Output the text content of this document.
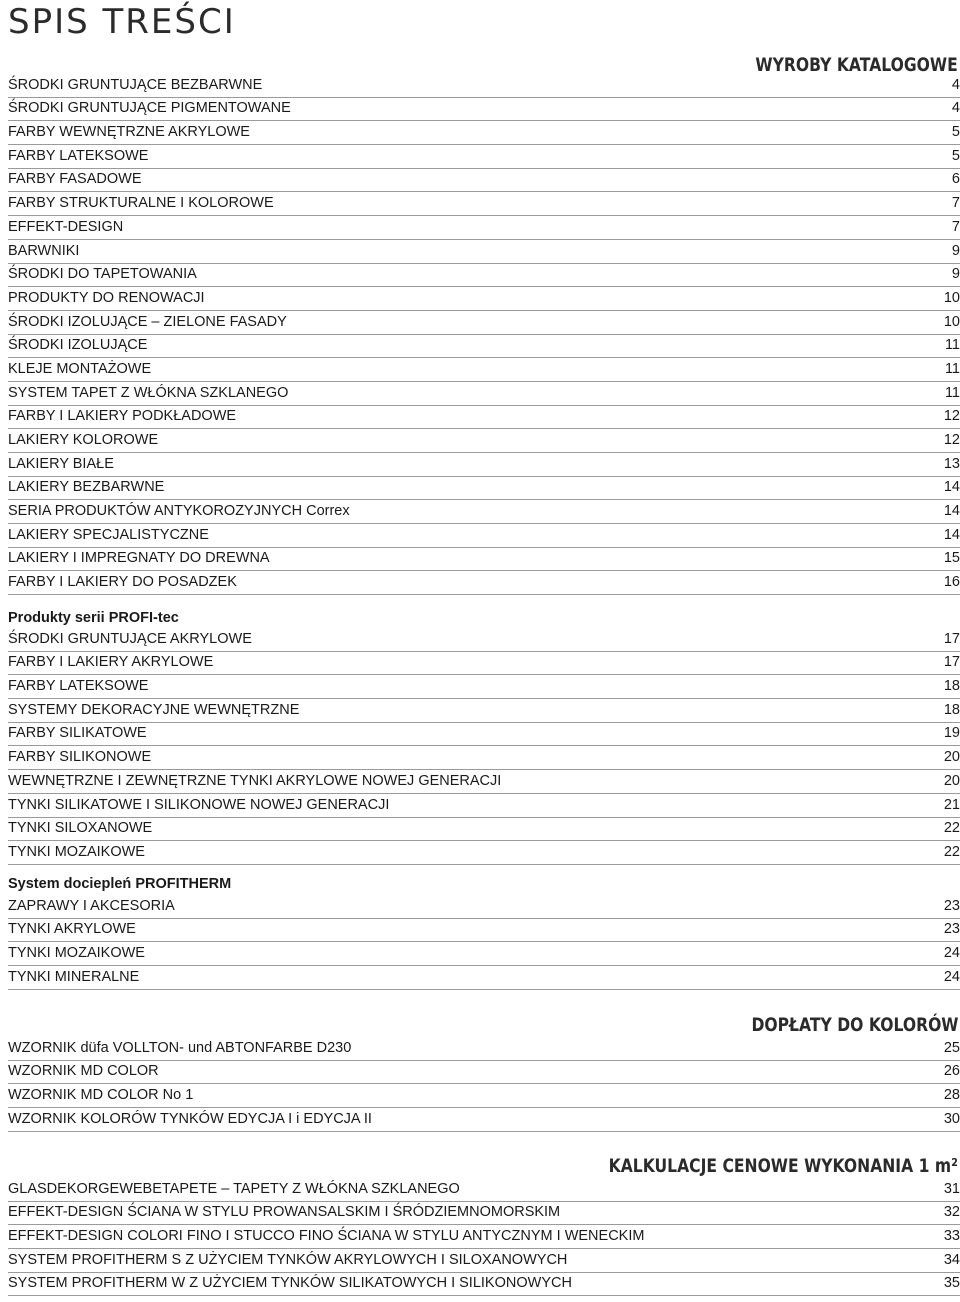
SPIS TREŚCI
WYROBY KATALOGOWE
ŚRODKI GRUNTUJĄCE BEZBARWNE	4
ŚRODKI GRUNTUJĄCE PIGMENTOWANE	4
FARBY WEWNĘTRZNE AKRYLOWE	5
FARBY LATEKSOWE	5
FARBY FASADOWE	6
FARBY STRUKTURALNE I KOLOROWE	7
EFFEKT-DESIGN	7
BARWNIKI	9
ŚRODKI DO TAPETOWANIA	9
PRODUKTY DO RENOWACJI	10
ŚRODKI IZOLUJĄCE – ZIELONE FASADY	10
ŚRODKI IZOLUJĄCE	11
KLEJE MONTAŻOWE	11
SYSTEM TAPET Z WŁÓKNA SZKLANEGO	11
FARBY I LAKIERY PODKŁADOWE	12
LAKIERY KOLOROWE	12
LAKIERY BIAŁE	13
LAKIERY BEZBARWNE	14
SERIA PRODUKTÓW ANTYKOROZYJNYCH Correx	14
LAKIERY SPECJALISTYCZNE	14
LAKIERY I IMPREGNATY DO DREWNA	15
FARBY I LAKIERY DO POSADZEK	16
Produkty serii PROFI-tec
ŚRODKI GRUNTUJĄCE AKRYLOWE	17
FARBY I LAKIERY AKRYLOWE	17
FARBY LATEKSOWE	18
SYSTEMY DEKORACYJNE WEWNĘTRZNE	18
FARBY SILIKATOWE	19
FARBY SILIKONOWE	20
WEWNĘTRZNE I ZEWNĘTRZNE TYNKI AKRYLOWE NOWEJ GENERACJI	20
TYNKI SILIKATOWE I SILIKONOWE NOWEJ GENERACJI	21
TYNKI SILOXANOWE	22
TYNKI MOZAIKOWE	22
System dociepleń PROFITHERM
ZAPRAWY I AKCESORIA	23
TYNKI AKRYLOWE	23
TYNKI MOZAIKOWE	24
TYNKI MINERALNE	24
DOPŁATY DO KOLORÓW
WZORNIK düfa VOLLTON- und ABTONFARBE D230	25
WZORNIK MD COLOR	26
WZORNIK MD COLOR No 1	28
WZORNIK KOLORÓW TYNKÓW EDYCJA I i EDYCJA II	30
KALKULACJE CENOWE WYKONANIA 1 m²
GLASDEKORGEWEBETAPETE – TAPETY Z WŁÓKNA SZKLANEGO	31
EFFEKT-DESIGN ŚCIANA W STYLU PROWANSALSKIM I ŚRÓDZIEMNOMORSKIM	32
EFFEKT-DESIGN COLORI FINO I STUCCO FINO ŚCIANA W STYLU ANTYCZNYM I WENECKIM	33
SYSTEM PROFITHERM S Z UŻYCIEM TYNKÓW AKRYLOWYCH I SILOXANOWYCH	34
SYSTEM PROFITHERM W Z UŻYCIEM TYNKÓW SILIKATOWYCH I SILIKONOWYCH	35
